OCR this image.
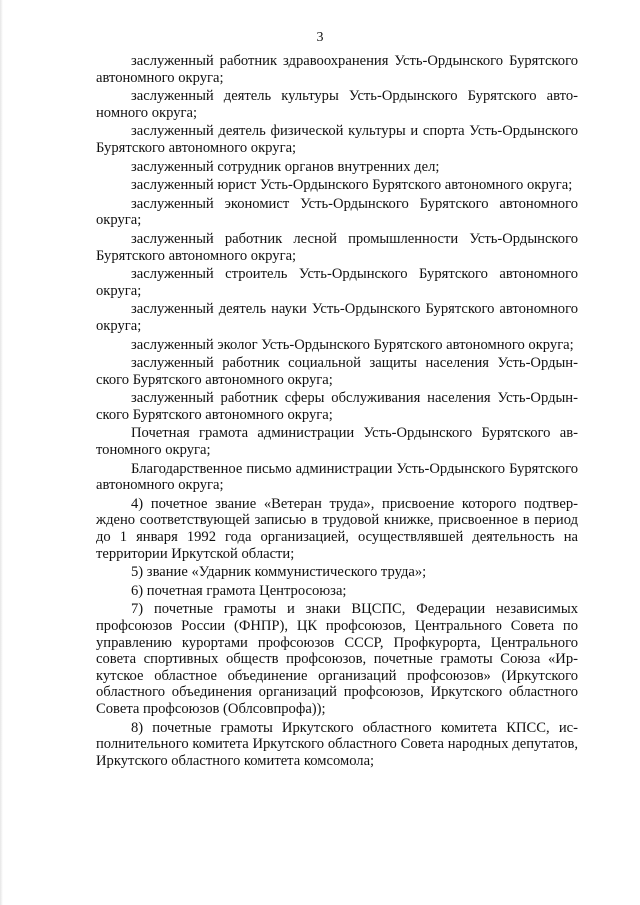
3

заслуженный работник здравоохранения Усть-Ордынского Бурятского автономного округа;

заслуженный деятель культуры Усть-Ордынского Бурятского автономного округа;

заслуженный деятель физической культуры и спорта Усть-Ордынского Бурятского автономного округа;

заслуженный сотрудник органов внутренних дел;

заслуженный юрист Усть-Ордынского Бурятского автономного округа;

заслуженный экономист Усть-Ордынского Бурятского автономного округа;

заслуженный работник лесной промышленности Усть-Ордынского Бурятского автономного округа;

заслуженный строитель Усть-Ордынского Бурятского автономного округа;

заслуженный деятель науки Усть-Ордынского Бурятского автономного округа;

заслуженный эколог Усть-Ордынского Бурятского автономного округа;

заслуженный работник социальной защиты населения Усть-Ордынского Бурятского автономного округа;

заслуженный работник сферы обслуживания населения Усть-Ордынского Бурятского автономного округа;

Почетная грамота администрации Усть-Ордынского Бурятского автономного округа;

Благодарственное письмо администрации Усть-Ордынского Бурятского автономного округа;

4) почетное звание «Ветеран труда», присвоение которого подтверждено соответствующей записью в трудовой книжке, присвоенное в период до 1 января 1992 года организацией, осуществлявшей деятельность на территории Иркутской области;

5) звание «Ударник коммунистического труда»;

6) почетная грамота Центросоюза;

7) почетные грамоты и знаки ВЦСПС, Федерации независимых профсоюзов России (ФНПР), ЦК профсоюзов, Центрального Совета по управлению курортами профсоюзов СССР, Профкурорта, Центрального совета спортивных обществ профсоюзов, почетные грамоты Союза «Иркутское областное объединение организаций профсоюзов» (Иркутского областного объединения организаций профсоюзов, Иркутского областного Совета профсоюзов (Облсовпрофа));

8) почетные грамоты Иркутского областного комитета КПСС, исполнительного комитета Иркутского областного Совета народных депутатов, Иркутского областного комитета комсомола;
